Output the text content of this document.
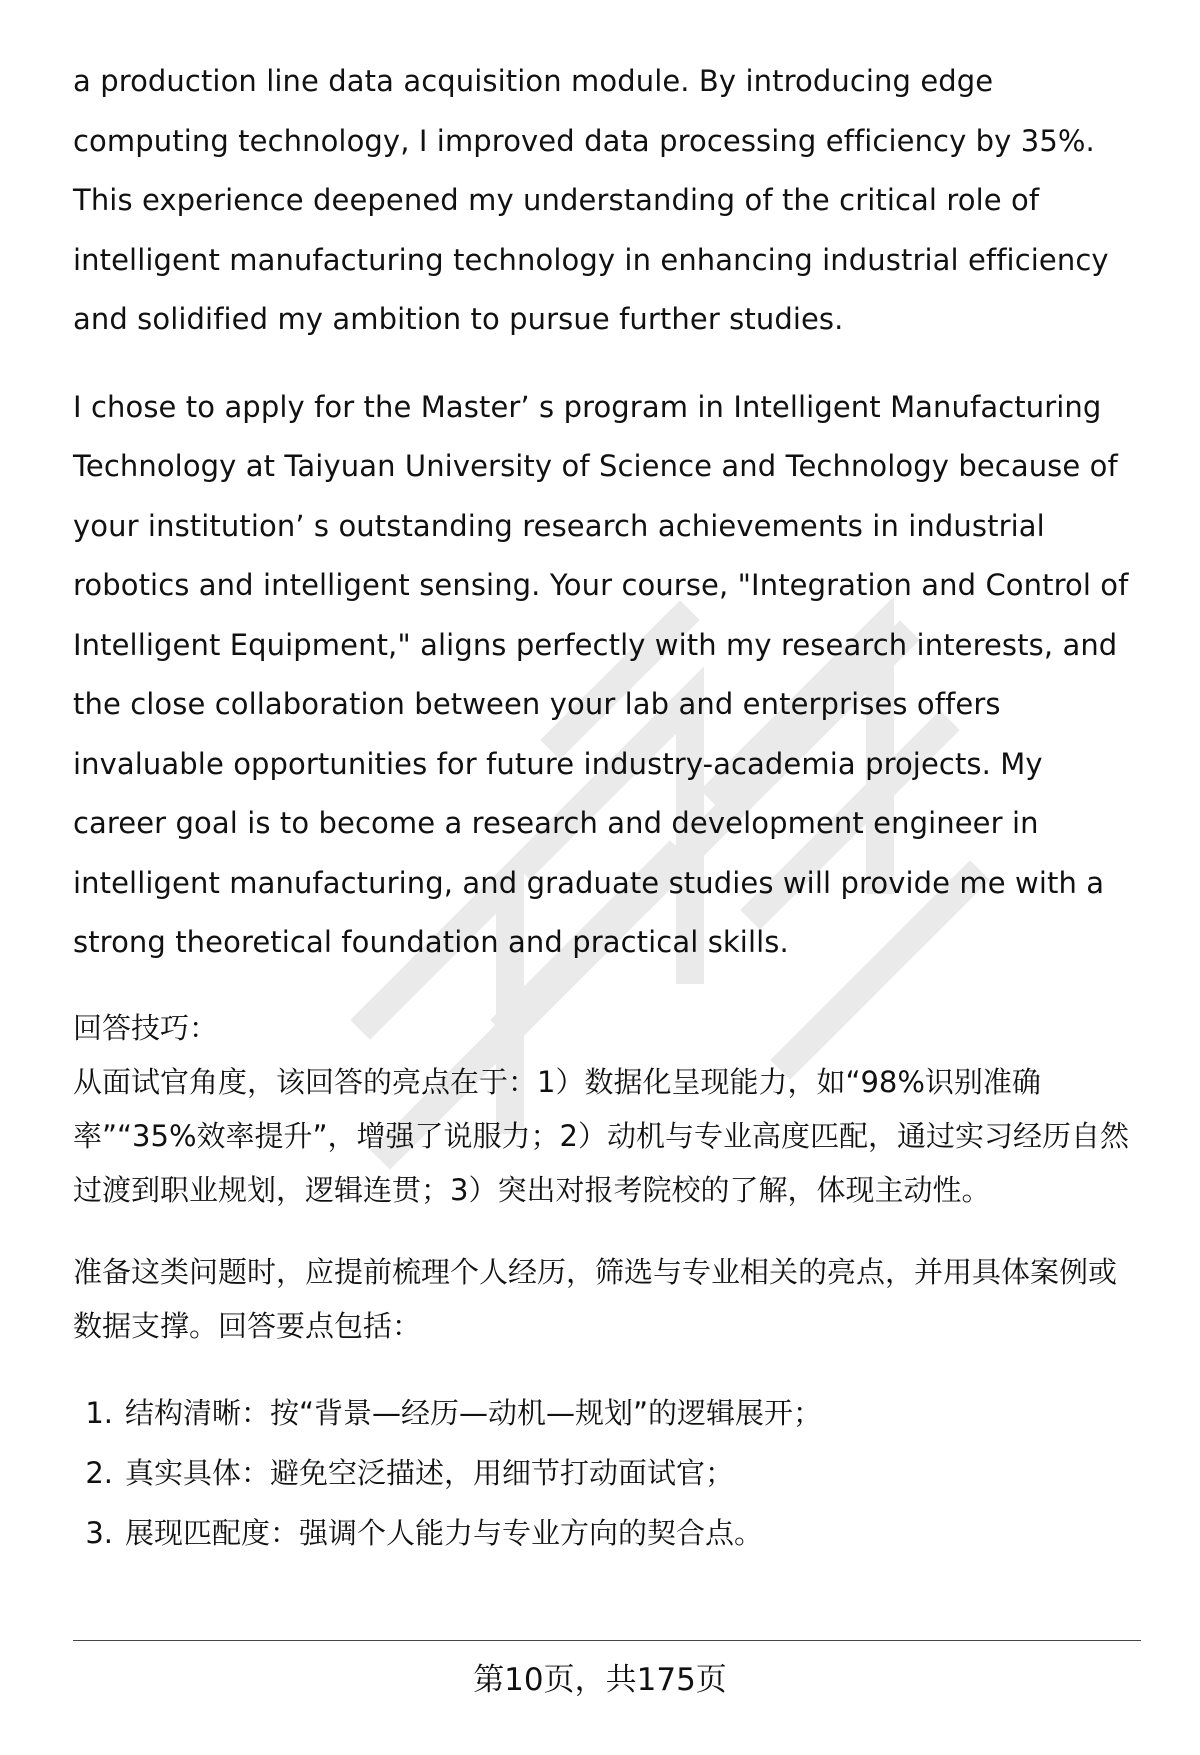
a production line data acquisition module. By introducing edge computing technology, I improved data processing efficiency by 35%. This experience deepened my understanding of the critical role of intelligent manufacturing technology in enhancing industrial efficiency and solidified my ambition to pursue further studies.

I chose to apply for the Master’ s program in Intelligent Manufacturing Technology at Taiyuan University of Science and Technology because of your institution’ s outstanding research achievements in industrial robotics and intelligent sensing. Your course, "Integration and Control of Intelligent Equipment," aligns perfectly with my research interests, and the close collaboration between your lab and enterprises offers invaluable opportunities for future industry-academia projects. My career goal is to become a research and development engineer in intelligent manufacturing, and graduate studies will provide me with a strong theoretical foundation and practical skills.

回答技巧：

从面试官角度，该回答的亮点在于：1）数据化呈现能力，如“98%识别准确率”“35%效率提升”，增强了说服力；2）动机与专业高度匹配，通过实习经历自然过渡到职业规划，逻辑连贯；3）突出对报考院校的了解，体现主动性。

准备这类问题时，应提前梳理个人经历，筛选与专业相关的亮点，并用具体案例或数据支撑。回答要点包括：

1. 结构清晰：按“背景—经历—动机—规划”的逻辑展开；
2. 真实具体：避免空泛描述，用细节打动面试官；
3. 展现匹配度：强调个人能力与专业方向的契合点。
第10页，共175页
